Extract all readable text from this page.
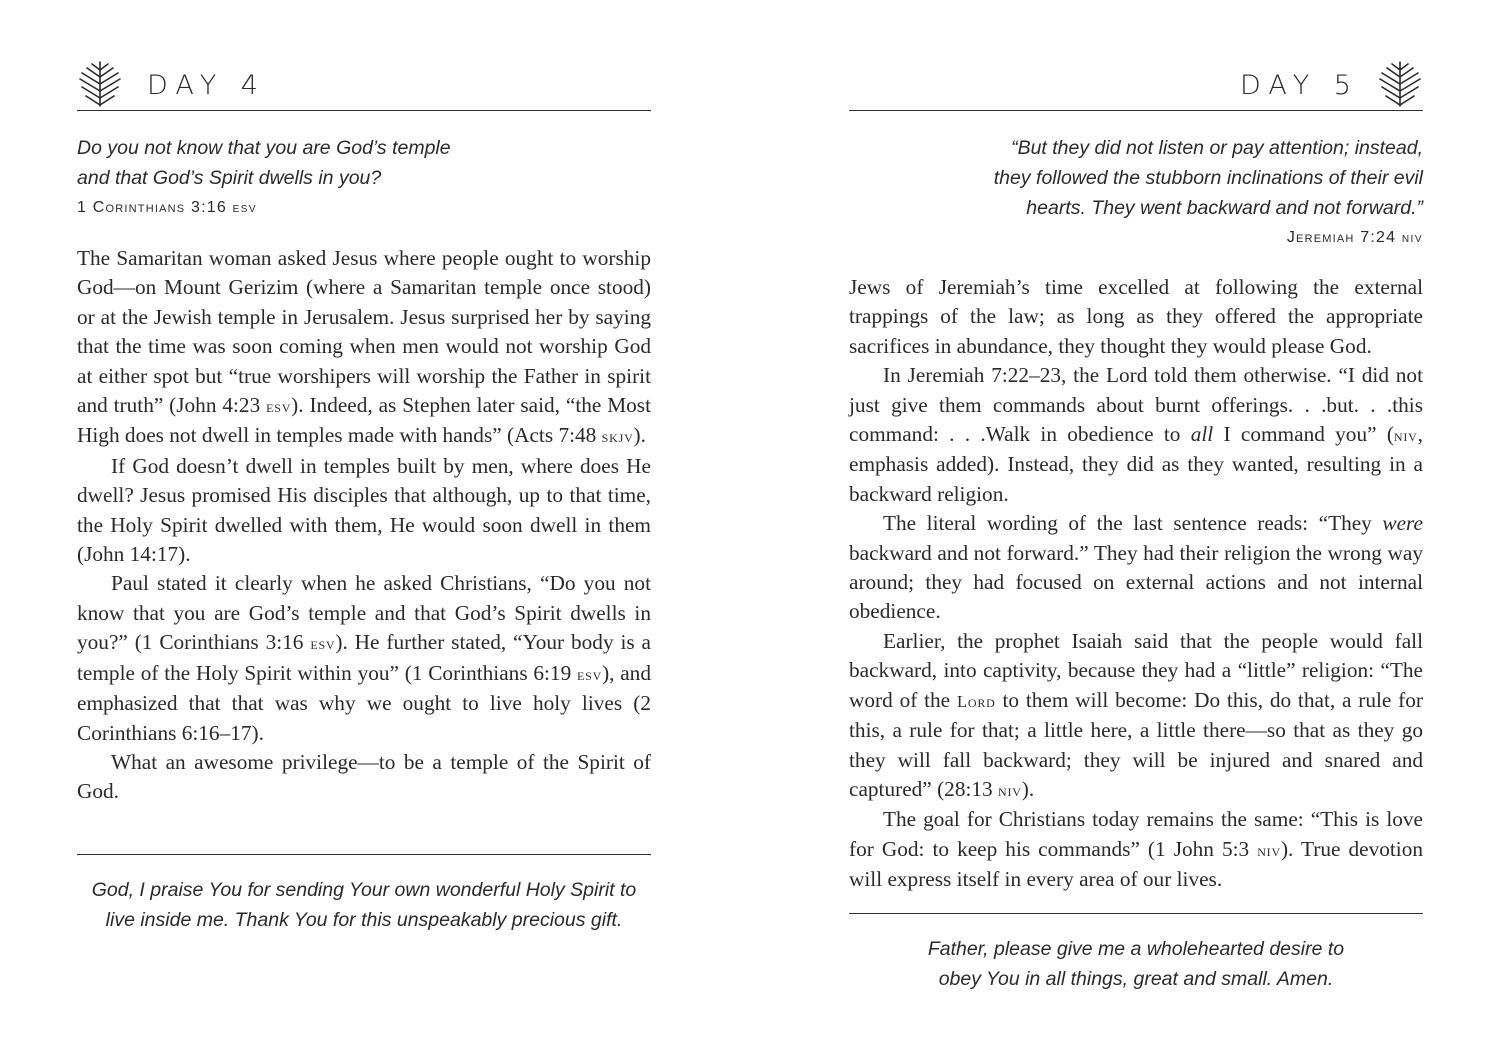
DAY 4
Do you not know that you are God’s temple
and that God’s Spirit dwells in you?
1 Corinthians 3:16 esv

The Samaritan woman asked Jesus where people ought to worship God—on Mount Gerizim (where a Samaritan temple once stood) or at the Jewish temple in Jerusalem. Jesus surprised her by saying that the time was soon coming when men would not worship God at either spot but “true worshipers will worship the Father in spirit and truth” (John 4:23 esv). Indeed, as Stephen later said, “the Most High does not dwell in temples made with hands” (Acts 7:48 skjv).

If God doesn’t dwell in temples built by men, where does He dwell? Jesus promised His disciples that although, up to that time, the Holy Spirit dwelled with them, He would soon dwell in them (John 14:17).

Paul stated it clearly when he asked Christians, “Do you not know that you are God’s temple and that God’s Spirit dwells in you?” (1 Corinthians 3:16 esv). He further stated, “Your body is a temple of the Holy Spirit within you” (1 Corinthians 6:19 esv), and emphasized that that was why we ought to live holy lives (2 Corinthians 6:16–17).

What an awesome privilege—to be a temple of the Spirit of God.

God, I praise You for sending Your own wonderful Holy Spirit to
live inside me. Thank You for this unspeakably precious gift.
DAY 5
“But they did not listen or pay attention; instead,
they followed the stubborn inclinations of their evil
hearts. They went backward and not forward.”
Jeremiah 7:24 niv

Jews of Jeremiah’s time excelled at following the external trappings of the law; as long as they offered the appropriate sacrifices in abundance, they thought they would please God.

In Jeremiah 7:22–23, the Lord told them otherwise. “I did not just give them commands about burnt offerings. . .but. . .this command: . . .Walk in obedience to all I command you” (niv, emphasis added). Instead, they did as they wanted, resulting in a backward religion.

The literal wording of the last sentence reads: “They were backward and not forward.” They had their religion the wrong way around; they had focused on external actions and not internal obedience.

Earlier, the prophet Isaiah said that the people would fall backward, into captivity, because they had a “little” religion: “The word of the Lord to them will become: Do this, do that, a rule for this, a rule for that; a little here, a little there—so that as they go they will fall backward; they will be injured and snared and captured” (28:13 niv).

The goal for Christians today remains the same: “This is love for God: to keep his commands” (1 John 5:3 niv). True devotion will express itself in every area of our lives.

Father, please give me a wholehearted desire to
obey You in all things, great and small. Amen.
